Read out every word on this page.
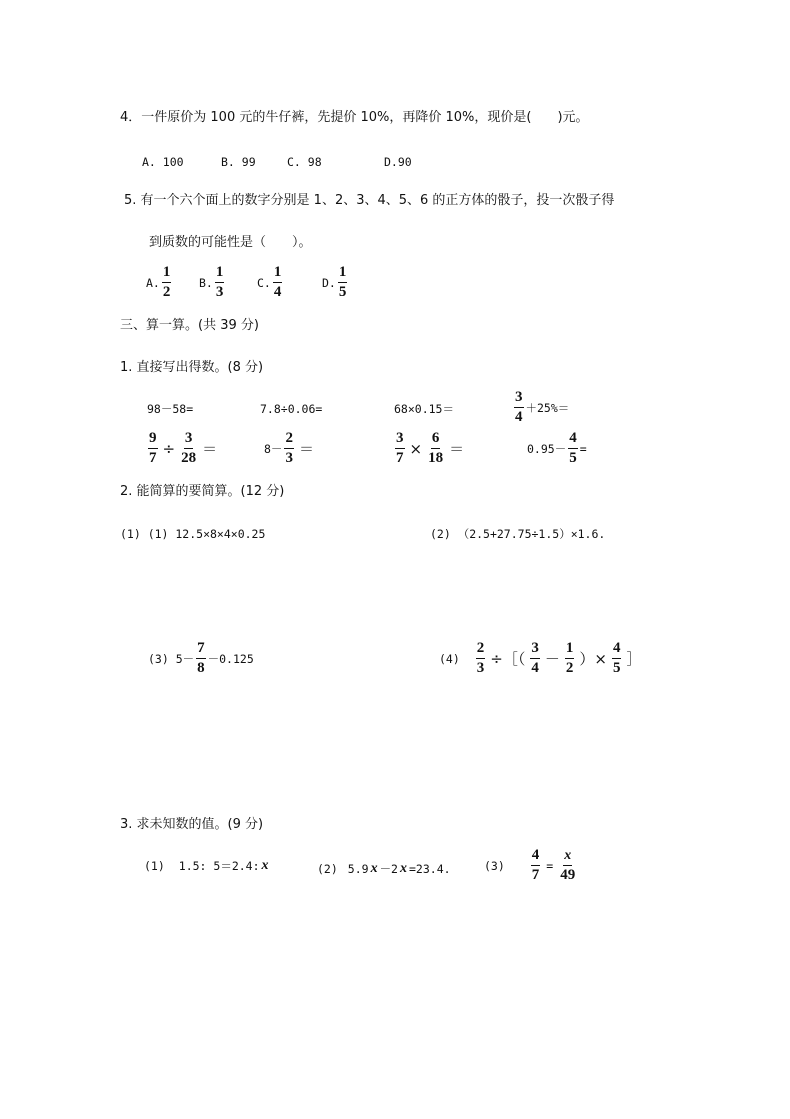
4．一件原价为 100 元的牛仔裤，先提价 10%，再降价 10%，现价是(　　)元。
A. 100	B. 99	C. 98	D.90
5. 有一个六个面上的数字分别是 1、2、3、4、5、6 的正方体的骰子，投一次骰子得
到质数的可能性是（　　）。
A. $\frac{1}{2} B$. $\frac{1}{3}$	C. $\frac{1}{4}$	D. $\frac{1}{5}$
三、算一算。(共 39 分)
1. 直接写出得数。(8 分)
98－58=	7.8÷0.06=	68×0.15＝	$\frac{3}{4} +25\%=$
$\frac{9}{7} \div \frac{3}{28}$ ＝	$8- \frac{2}{3}$ ＝	$\frac{3}{7} \times \frac{6}{18}$ ＝	$0.95- \frac{4}{5}$ =
2. 能简算的要简算。(12 分)
(1) (1) 12.5×8×4×0.25	(2) （2.5+27.75÷1.5）×1.6.
(3) $5- \frac{7}{8} -0.125$	$(4) \frac{2}{3}$ ÷［（ $\frac{3}{4} - \frac{1}{2}$ ）× $\frac{4}{5}$ ］
3. 求未知数的值。(9 分)
(1) 1.5: 5＝2.4: x	(2) 5.9 x －2 x =23.4.	$(3) \frac{4}{7} = \frac{x}{49}$
